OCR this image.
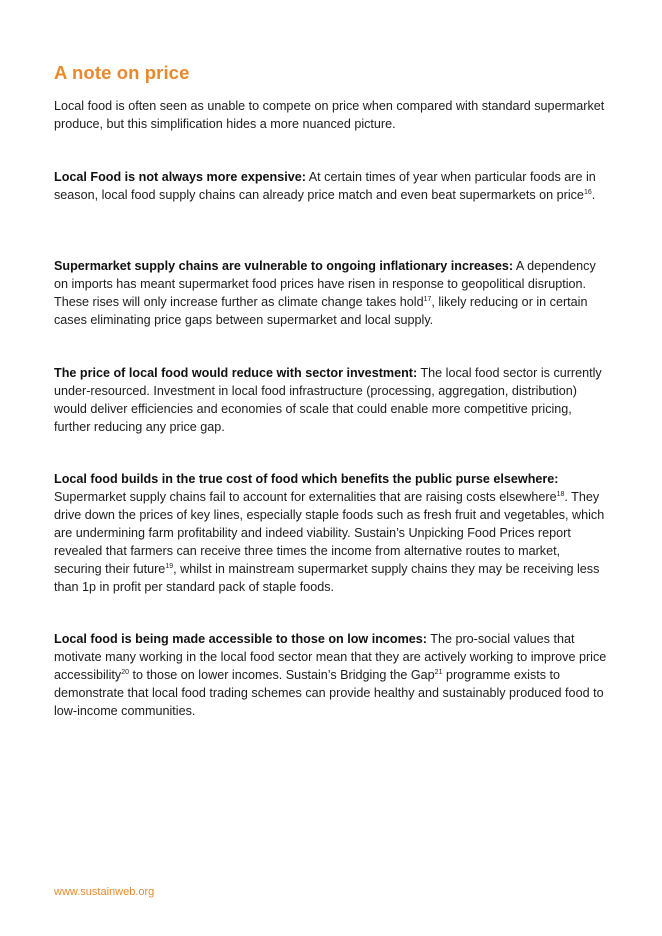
A note on price

Local food is often seen as unable to compete on price when compared with standard supermarket produce, but this simplification hides a more nuanced picture.

Local Food is not always more expensive: At certain times of year when particular foods are in season, local food supply chains can already price match and even beat supermarkets on price$^{16}$.

Supermarket supply chains are vulnerable to ongoing inflationary increases: A dependency on imports has meant supermarket food prices have risen in response to geopolitical disruption. These rises will only increase further as climate change takes hold$^{17}$, likely reducing or in certain cases eliminating price gaps between supermarket and local supply.

The price of local food would reduce with sector investment: The local food sector is currently under-resourced. Investment in local food infrastructure (processing, aggregation, distribution) would deliver efficiencies and economies of scale that could enable more competitive pricing, further reducing any price gap.

Local food builds in the true cost of food which benefits the public purse elsewhere:
Supermarket supply chains fail to account for externalities that are raising costs elsewhere$^{18}$. They drive down the prices of key lines, especially staple foods such as fresh fruit and vegetables, which are undermining farm profitability and indeed viability. Sustain’s Unpicking Food Prices report revealed that farmers can receive three times the income from alternative routes to market, securing their future$^{19}$, whilst in mainstream supermarket supply chains they may be receiving less than 1p in profit per standard pack of staple foods.

Local food is being made accessible to those on low incomes: The pro-social values that motivate many working in the local food sector mean that they are actively working to improve price accessibility$^{20}$ to those on lower incomes. Sustain’s Bridging the Gap$^{21}$ programme exists to demonstrate that local food trading schemes can provide healthy and sustainably produced food to low-income communities.

www.sustainweb.org
